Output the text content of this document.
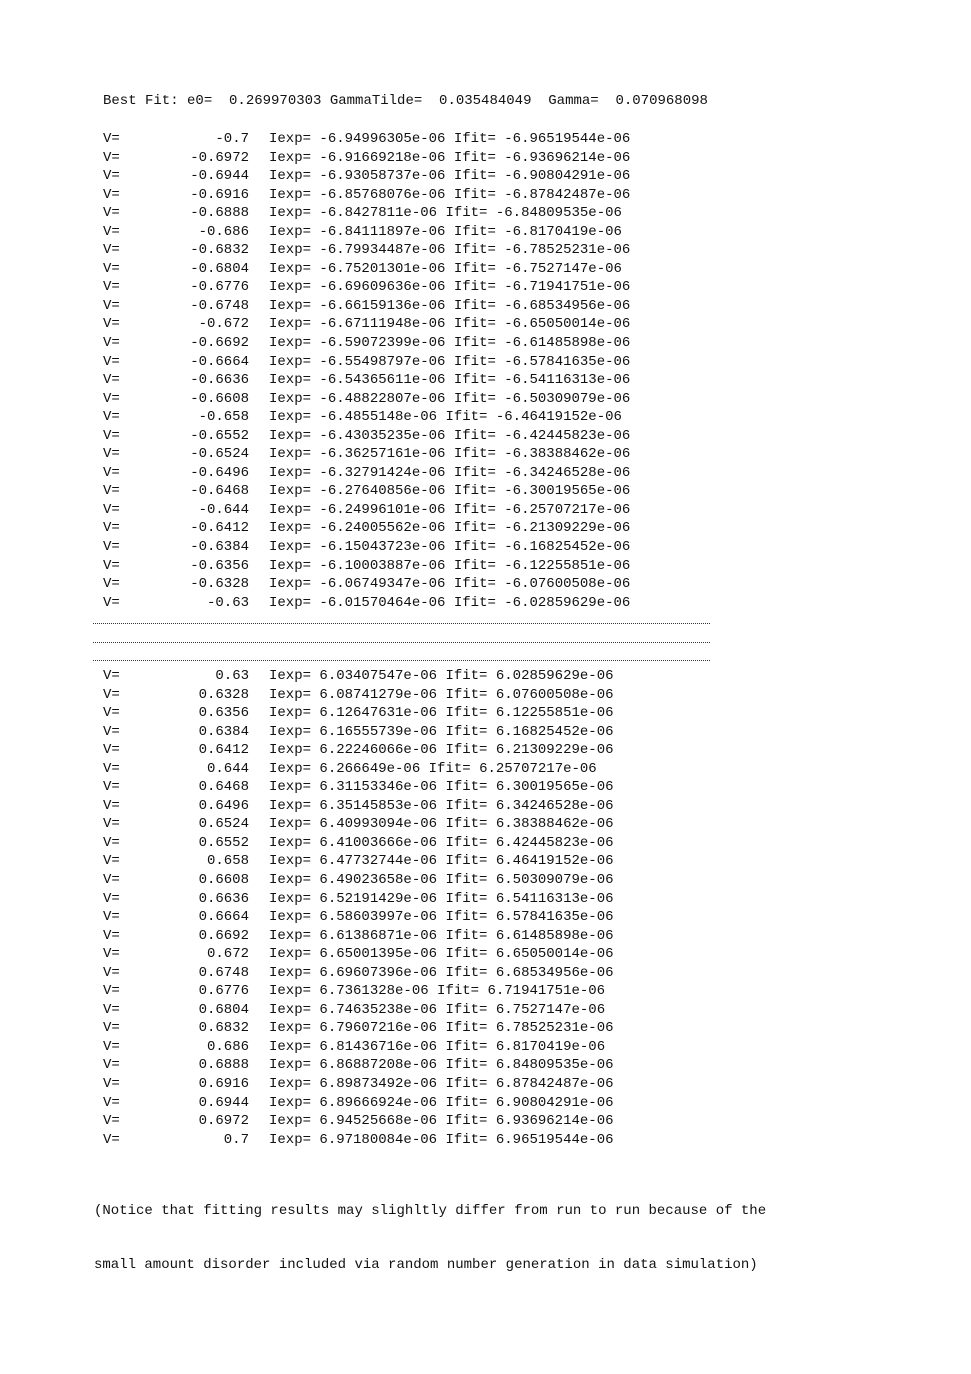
Best Fit: e0=  0.269970303 GammaTilde=  0.035484049  Gamma=  0.070968098
V=	-0.7 Iexp= -6.94996305e-06 Ifit= -6.96519544e-06
V=	-0.6972 Iexp= -6.91669218e-06 Ifit= -6.93696214e-06
V=	-0.6944 Iexp= -6.93058737e-06 Ifit= -6.90804291e-06
V=	-0.6916 Iexp= -6.85768076e-06 Ifit= -6.87842487e-06
V=	-0.6888 Iexp= -6.8427811e-06 Ifit= -6.84809535e-06
V=	-0.686 Iexp= -6.84111897e-06 Ifit= -6.8170419e-06
V=	-0.6832 Iexp= -6.79934487e-06 Ifit= -6.78525231e-06
V=	-0.6804 Iexp= -6.75201301e-06 Ifit= -6.7527147e-06
V=	-0.6776 Iexp= -6.69609636e-06 Ifit= -6.71941751e-06
V=	-0.6748 Iexp= -6.66159136e-06 Ifit= -6.68534956e-06
V=	-0.672 Iexp= -6.67111948e-06 Ifit= -6.65050014e-06
V=	-0.6692 Iexp= -6.59072399e-06 Ifit= -6.61485898e-06
V=	-0.6664 Iexp= -6.55498797e-06 Ifit= -6.57841635e-06
V=	-0.6636 Iexp= -6.54365611e-06 Ifit= -6.54116313e-06
V=	-0.6608 Iexp= -6.48822807e-06 Ifit= -6.50309079e-06
V=	-0.658 Iexp= -6.4855148e-06 Ifit= -6.46419152e-06
V=	-0.6552 Iexp= -6.43035235e-06 Ifit= -6.42445823e-06
V=	-0.6524 Iexp= -6.36257161e-06 Ifit= -6.38388462e-06
V=	-0.6496 Iexp= -6.32791424e-06 Ifit= -6.34246528e-06
V=	-0.6468 Iexp= -6.27640856e-06 Ifit= -6.30019565e-06
V=	-0.644 Iexp= -6.24996101e-06 Ifit= -6.25707217e-06
V=	-0.6412 Iexp= -6.24005562e-06 Ifit= -6.21309229e-06
V=	-0.6384 Iexp= -6.15043723e-06 Ifit= -6.16825452e-06
V=	-0.6356 Iexp= -6.10003887e-06 Ifit= -6.12255851e-06
V=	-0.6328 Iexp= -6.06749347e-06 Ifit= -6.07600508e-06
V=	-0.63 Iexp= -6.01570464e-06 Ifit= -6.02859629e-06
V=	0.63 Iexp= 6.03407547e-06 Ifit= 6.02859629e-06
V=	0.6328 Iexp= 6.08741279e-06 Ifit= 6.07600508e-06
V=	0.6356 Iexp= 6.12647631e-06 Ifit= 6.12255851e-06
V=	0.6384 Iexp= 6.16555739e-06 Ifit= 6.16825452e-06
V=	0.6412 Iexp= 6.22246066e-06 Ifit= 6.21309229e-06
V=	0.644 Iexp= 6.266649e-06 Ifit= 6.25707217e-06
V=	0.6468 Iexp= 6.31153346e-06 Ifit= 6.30019565e-06
V=	0.6496 Iexp= 6.35145853e-06 Ifit= 6.34246528e-06
V=	0.6524 Iexp= 6.40993094e-06 Ifit= 6.38388462e-06
V=	0.6552 Iexp= 6.41003666e-06 Ifit= 6.42445823e-06
V=	0.658 Iexp= 6.47732744e-06 Ifit= 6.46419152e-06
V=	0.6608 Iexp= 6.49023658e-06 Ifit= 6.50309079e-06
V=	0.6636 Iexp= 6.52191429e-06 Ifit= 6.54116313e-06
V=	0.6664 Iexp= 6.58603997e-06 Ifit= 6.57841635e-06
V=	0.6692 Iexp= 6.61386871e-06 Ifit= 6.61485898e-06
V=	0.672 Iexp= 6.65001395e-06 Ifit= 6.65050014e-06
V=	0.6748 Iexp= 6.69607396e-06 Ifit= 6.68534956e-06
V=	0.6776 Iexp= 6.7361328e-06 Ifit= 6.71941751e-06
V=	0.6804 Iexp= 6.74635238e-06 Ifit= 6.7527147e-06
V=	0.6832 Iexp= 6.79607216e-06 Ifit= 6.78525231e-06
V=	0.686 Iexp= 6.81436716e-06 Ifit= 6.8170419e-06
V=	0.6888 Iexp= 6.86887208e-06 Ifit= 6.84809535e-06
V=	0.6916 Iexp= 6.89873492e-06 Ifit= 6.87842487e-06
V=	0.6944 Iexp= 6.89666924e-06 Ifit= 6.90804291e-06
V=	0.6972 Iexp= 6.94525668e-06 Ifit= 6.93696214e-06
V=	0.7 Iexp= 6.97180084e-06 Ifit= 6.96519544e-06

(Notice that fitting results may slighltly differ from run to run because of the

small amount disorder included via random number generation in data simulation)
